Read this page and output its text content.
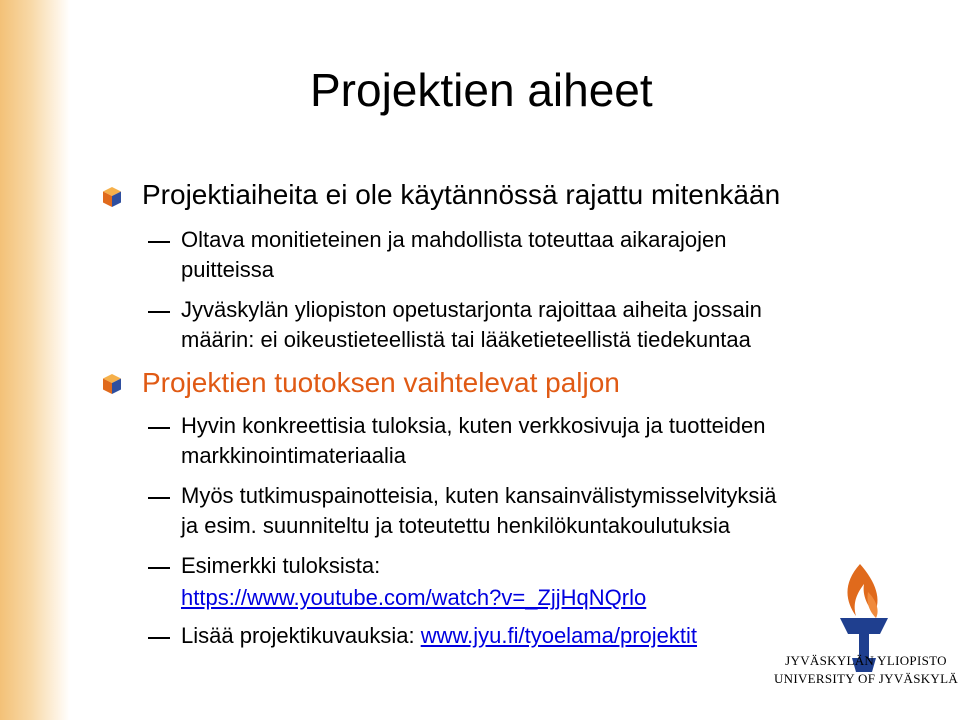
Projektien aiheet
Projektiaiheita ei ole käytännössä rajattu mitenkään
Oltava monitieteinen ja mahdollista toteuttaa aikarajojen
puitteissa
Jyväskylän yliopiston opetustarjonta rajoittaa aiheita jossain
määrin: ei oikeustieteellistä tai lääketieteellistä tiedekuntaa
Projektien tuotoksen vaihtelevat paljon
Hyvin konkreettisia tuloksia, kuten verkkosivuja ja tuotteiden
markkinointimateriaalia
Myös tutkimuspainotteisia, kuten kansainvälistymisselvityksiä
ja esim. suunniteltu ja toteutettu henkilökuntakoulutuksia
Esimerkki tuloksista:
https://www.youtube.com/watch?v=_ZjjHqNQrlo
Lisää projektikuvauksia: www.jyu.fi/tyoelama/projektit
JYVÄSKYLÄN YLIOPISTO
UNIVERSITY OF JYVÄSKYLÄ
